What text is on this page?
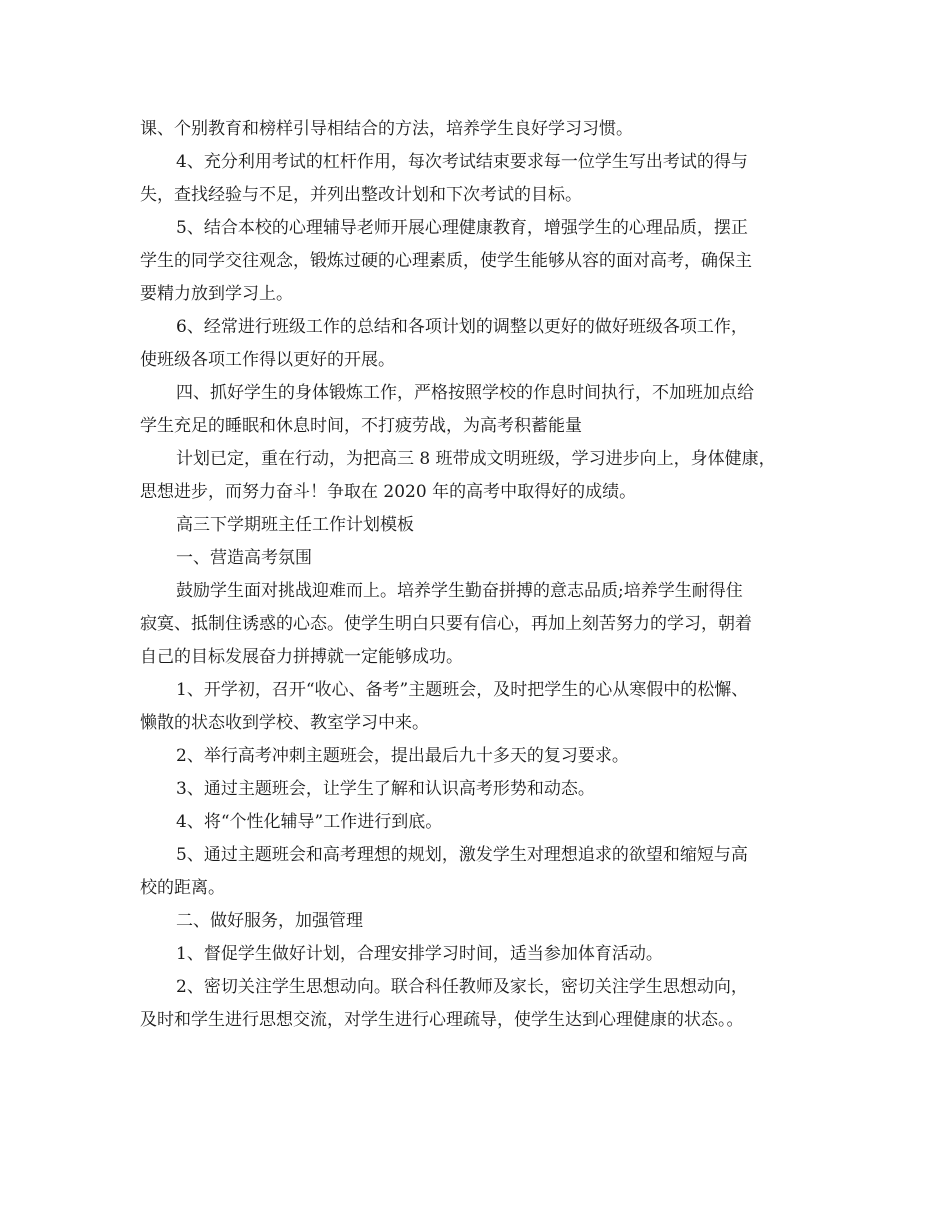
课、个别教育和榜样引导相结合的方法，培养学生良好学习习惯。
4、充分利用考试的杠杆作用，每次考试结束要求每一位学生写出考试的得与
失，查找经验与不足，并列出整改计划和下次考试的目标。
5、结合本校的心理辅导老师开展心理健康教育，增强学生的心理品质，摆正
学生的同学交往观念，锻炼过硬的心理素质，使学生能够从容的面对高考，确保主
要精力放到学习上。
6、经常进行班级工作的总结和各项计划的调整以更好的做好班级各项工作，
使班级各项工作得以更好的开展。
四、抓好学生的身体锻炼工作，严格按照学校的作息时间执行，不加班加点给
学生充足的睡眠和休息时间，不打疲劳战，为高考积蓄能量
计划已定，重在行动，为把高三 8 班带成文明班级，学习进步向上，身体健康，
思想进步，而努力奋斗！争取在 2020 年的高考中取得好的成绩。
高三下学期班主任工作计划模板
一、营造高考氛围
鼓励学生面对挑战迎难而上。培养学生勤奋拼搏的意志品质;培养学生耐得住
寂寞、抵制住诱惑的心态。使学生明白只要有信心，再加上刻苦努力的学习，朝着
自己的目标发展奋力拼搏就一定能够成功。
1、开学初，召开“收心、备考”主题班会，及时把学生的心从寒假中的松懈、
懒散的状态收到学校、教室学习中来。
2、举行高考冲刺主题班会，提出最后九十多天的复习要求。
3、通过主题班会，让学生了解和认识高考形势和动态。
4、将“个性化辅导”工作进行到底。
5、通过主题班会和高考理想的规划，激发学生对理想追求的欲望和缩短与高
校的距离。
二、做好服务，加强管理
1、督促学生做好计划，合理安排学习时间，适当参加体育活动。
2、密切关注学生思想动向。联合科任教师及家长，密切关注学生思想动向，
及时和学生进行思想交流，对学生进行心理疏导，使学生达到心理健康的状态。。
